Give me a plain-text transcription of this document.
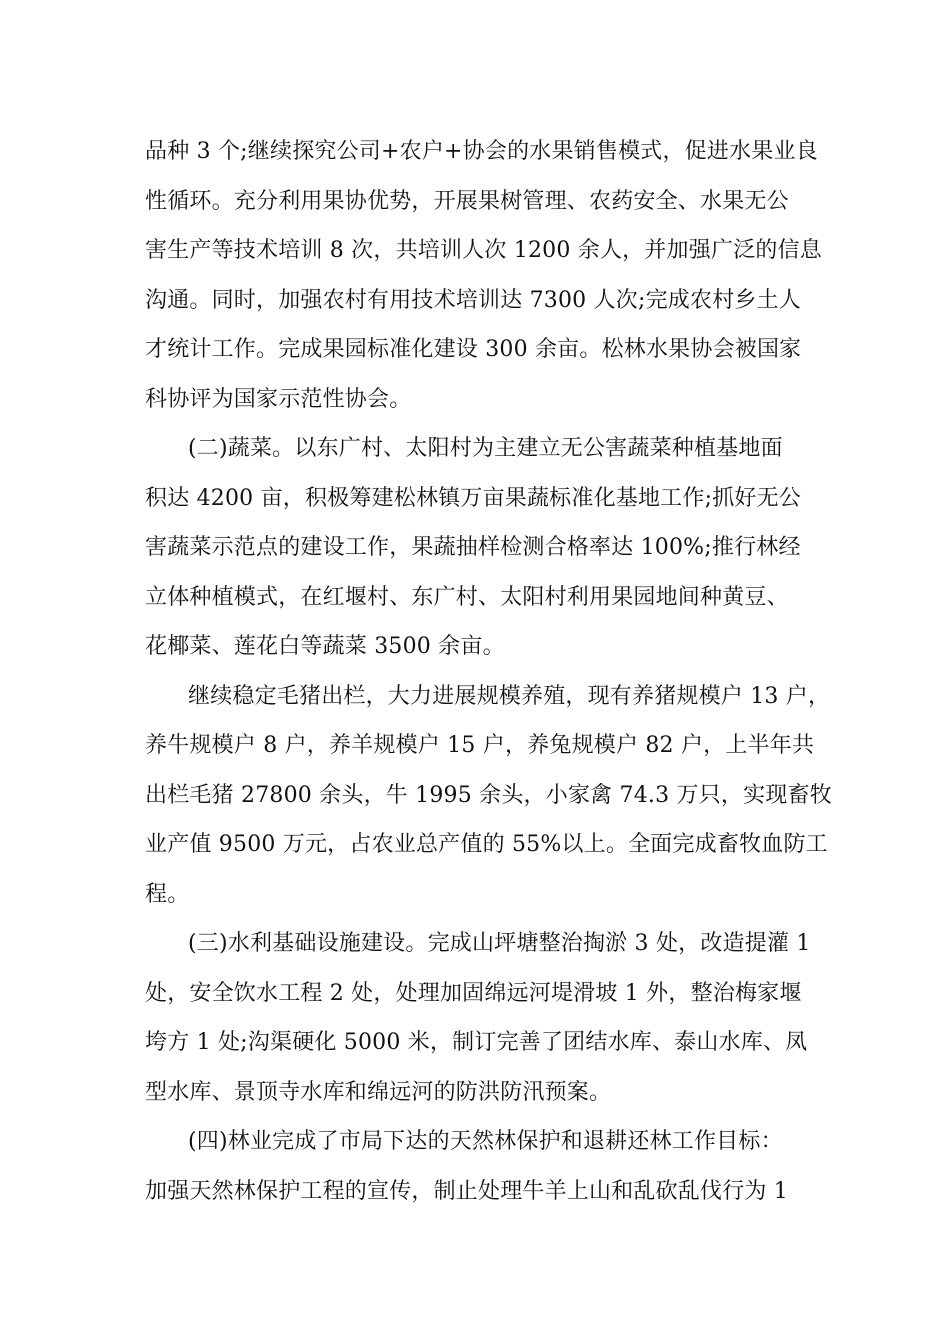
品种 3 个;继续探究公司+农户+协会的水果销售模式，促进水果业良
性循环。充分利用果协优势，开展果树管理、农药安全、水果无公
害生产等技术培训 8 次，共培训人次 1200 余人，并加强广泛的信息
沟通。同时，加强农村有用技术培训达 7300 人次;完成农村乡土人
才统计工作。完成果园标准化建设 300 余亩。松林水果协会被国家
科协评为国家示范性协会。
(二)蔬菜。以东广村、太阳村为主建立无公害蔬菜种植基地面
积达 4200 亩，积极筹建松林镇万亩果蔬标准化基地工作;抓好无公
害蔬菜示范点的建设工作，果蔬抽样检测合格率达 100%;推行林经
立体种植模式，在红堰村、东广村、太阳村利用果园地间种黄豆、
花椰菜、莲花白等蔬菜 3500 余亩。
继续稳定毛猪出栏，大力进展规模养殖，现有养猪规模户 13 户，
养牛规模户 8 户，养羊规模户 15 户，养兔规模户 82 户，上半年共
出栏毛猪 27800 余头，牛 1995 余头，小家禽 74.3 万只，实现畜牧
业产值 9500 万元，占农业总产值的 55%以上。全面完成畜牧血防工
程。
(三)水利基础设施建设。完成山坪塘整治掏淤 3 处，改造提灌 1
处，安全饮水工程 2 处，处理加固绵远河堤滑坡 1 外，整治梅家堰
垮方 1 处;沟渠硬化 5000 米，制订完善了团结水库、泰山水库、凤
型水库、景顶寺水库和绵远河的防洪防汛预案。
(四)林业完成了市局下达的天然林保护和退耕还林工作目标：
加强天然林保护工程的宣传，制止处理牛羊上山和乱砍乱伐行为 1
